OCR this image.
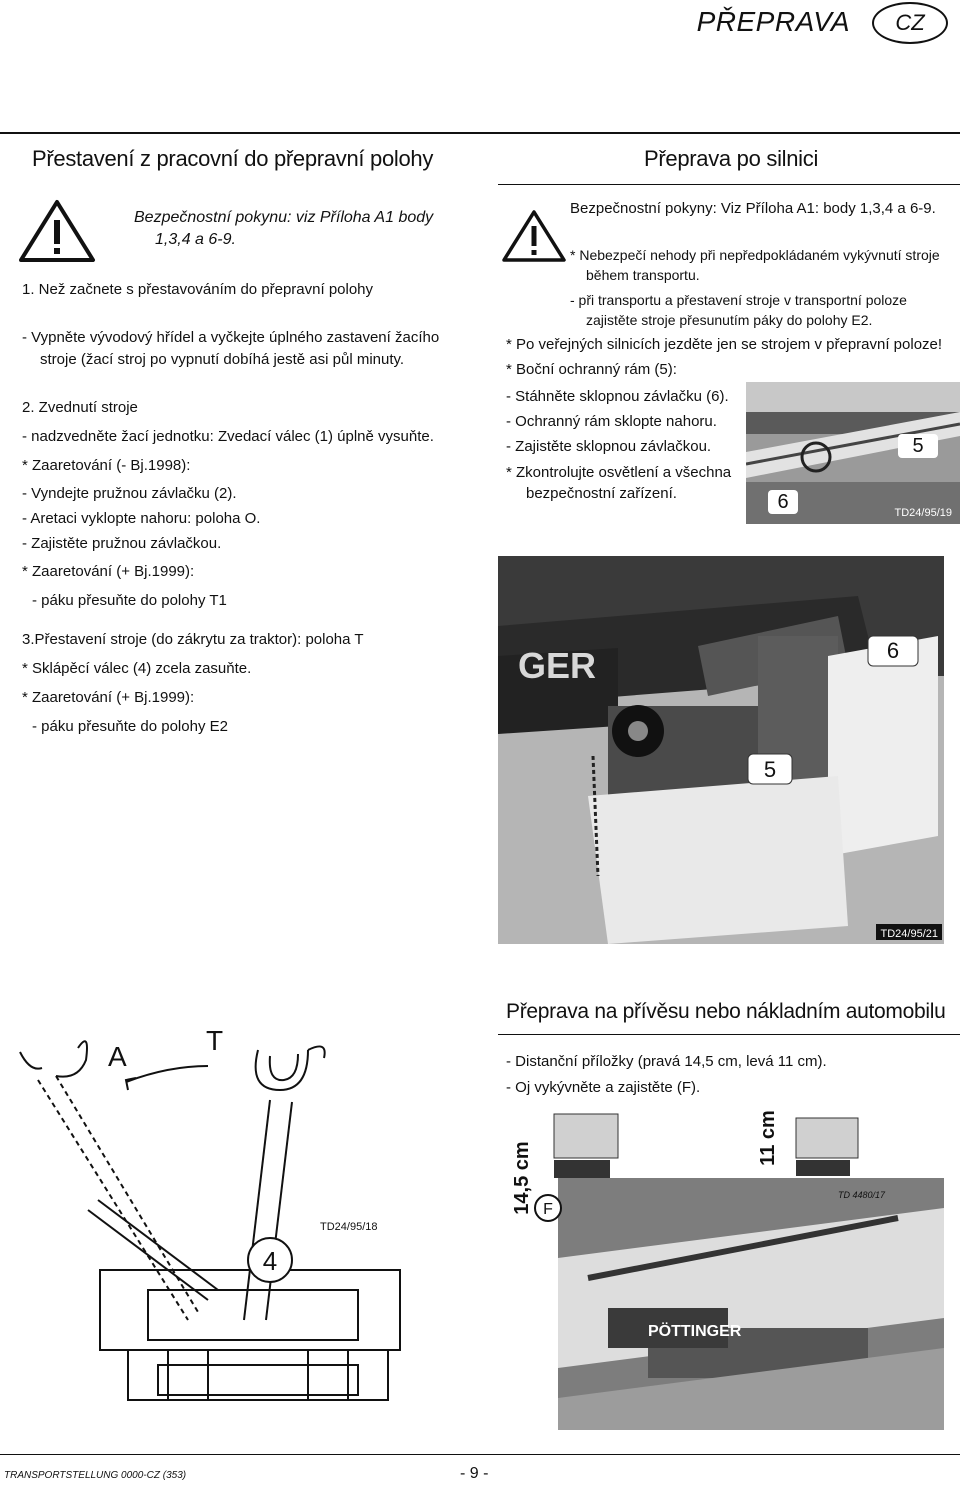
PŘEPRAVA CZ
Přestavení z pracovní do přepravní polohy
Bezpečnostní pokynu: viz Příloha A1 body
1,3,4 a 6-9.
1. Než začnete s přestavováním do přepravní polohy
- Vypněte vývodový hřídel a vyčkejte úplného zastavení žacího
stroje (žací stroj po vypnutí dobíhá jestě asi půl minuty.
2. Zvednutí stroje
- nadzvedněte žací jednotku: Zvedací válec (1) úplně vysuňte.
* Zaaretování (- Bj.1998):
- Vyndejte pružnou závlačku (2).
- Aretaci vyklopte nahoru: poloha O.
- Zajistěte pružnou závlačkou.
* Zaaretování (+ Bj.1999):
- páku přesuňte do polohy T1
3.Přestavení stroje (do zákrytu za traktor): poloha T
* Sklápěcí válec (4) zcela zasuňte.
* Zaaretování (+ Bj.1999):
- páku přesuňte do polohy E2
Přeprava po silnici
Bezpečnostní pokyny: Viz Příloha A1: body 1,3,4 a 6-9.
* Nebezpečí nehody při nepředpokládaném vykývnutí stroje
během transportu.
- při transportu a přestavení stroje v transportní poloze
zajistěte stroje přesunutím páky do polohy E2.
* Po veřejných silnicích jezděte jen se strojem v přepravní poloze!
* Boční ochranný rám (5):
- Stáhněte sklopnou závlačku (6).
- Ochranný rám sklopte nahoru.
- Zajistěte sklopnou závlačkou.
* Zkontrolujte osvětlení a všechna
bezpečnostní zařízení.
5
6	TD24/95/19
GER	6
5
TD24/95/21
Přeprava na přívěsu nebo nákladním automobilu
- Distanční příložky (pravá 14,5 cm, levá 11 cm).
- Oj vykývněte a zajistěte (F).
14,5 cm
11 cm
PÖTTINGER
F
TD 4480/17
A
T
4
TD24/95/18
TRANSPORTSTELLUNG 0000-CZ (353)	- 9 -
